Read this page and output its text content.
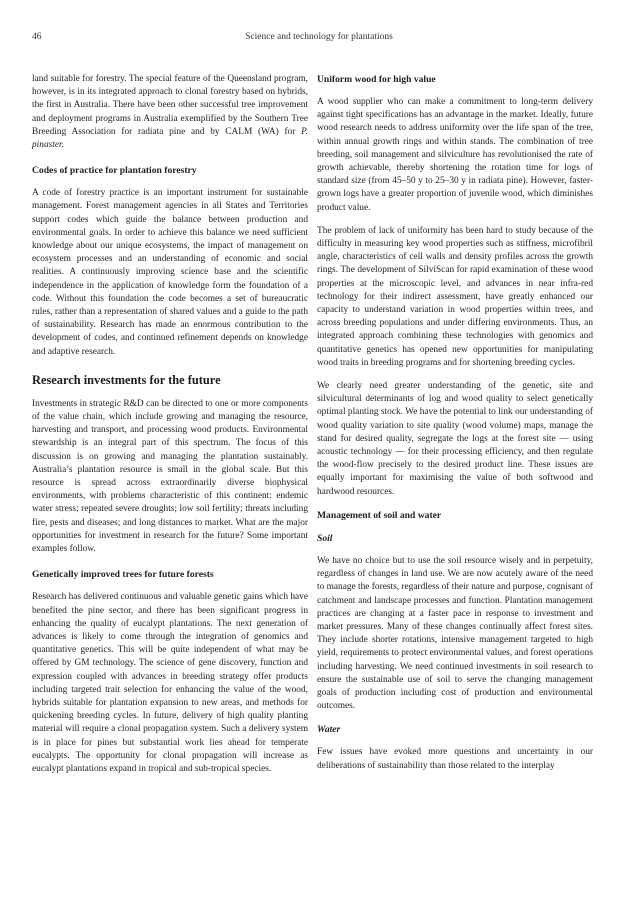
46	Science and technology for plantations

land suitable for forestry. The special feature of the Queensland program, however, is in its integrated approach to clonal forestry based on hybrids, the first in Australia. There have been other successful tree improvement and deployment programs in Australia exemplified by the Southern Tree Breeding Association for radiata pine and by CALM (WA) for P. pinaster.

Codes of practice for plantation forestry

A code of forestry practice is an important instrument for sustainable management. Forest management agencies in all States and Territories support codes which guide the balance between production and environmental goals. In order to achieve this balance we need sufficient knowledge about our unique ecosystems, the impact of management on ecosystem processes and an understanding of economic and social realities. A continuously improving science base and the scientific independence in the application of knowledge form the foundation of a code. Without this foundation the code becomes a set of bureaucratic rules, rather than a representation of shared values and a guide to the path of sustainability. Research has made an enormous contribution to the development of codes, and continued refinement depends on knowledge and adaptive research.

Research investments for the future

Investments in strategic R&D can be directed to one or more components of the value chain, which include growing and managing the resource, harvesting and transport, and processing wood products. Environmental stewardship is an integral part of this spectrum. The focus of this discussion is on growing and managing the plantation sustainably. Australia’s plantation resource is small in the global scale. But this resource is spread across extraordinarily diverse biophysical environments, with problems characteristic of this continent: endemic water stress; repeated severe droughts; low soil fertility; threats including fire, pests and diseases; and long distances to market. What are the major opportunities for investment in research for the future? Some important examples follow.

Genetically improved trees for future forests

Research has delivered continuous and valuable genetic gains which have benefited the pine sector, and there has been significant progress in enhancing the quality of eucalypt plantations. The next generation of advances is likely to come through the integration of genomics and quantitative genetics. This will be quite independent of what may be offered by GM technology. The science of gene discovery, function and expression coupled with advances in breeding strategy offer products including targeted trait selection for enhancing the value of the wood, hybrids suitable for plantation expansion to new areas, and methods for quickening breeding cycles. In future, delivery of high quality planting material will require a clonal propagation system. Such a delivery system is in place for pines but substantial work lies ahead for temperate eucalypts. The opportunity for clonal propagation will increase as eucalypt plantations expand in tropical and sub-tropical species.

Uniform wood for high value

A wood supplier who can make a commitment to long-term delivery against tight specifications has an advantage in the market. Ideally, future wood research needs to address uniformity over the life span of the tree, within annual growth rings and within stands. The combination of tree breeding, soil management and silviculture has revolutionised the rate of growth achievable, thereby shortening the rotation time for logs of standard size (from 45–50 y to 25–30 y in radiata pine). However, faster-grown logs have a greater proportion of juvenile wood, which diminishes product value.

The problem of lack of uniformity has been hard to study because of the difficulty in measuring key wood properties such as stiffness, microfibril angle, characteristics of cell walls and density profiles across the growth rings. The development of SilviScan for rapid examination of these wood properties at the microscopic level, and advances in near infra-red technology for their indirect assessment, have greatly enhanced our capacity to understand variation in wood properties within trees, and across breeding populations and under differing environments. Thus, an integrated approach combining these technologies with genomics and quantitative genetics has opened new opportunities for manipulating wood traits in breeding programs and for shortening breeding cycles.

We clearly need greater understanding of the genetic, site and silvicultural determinants of log and wood quality to select genetically optimal planting stock. We have the potential to link our understanding of wood quality variation to site quality (wood volume) maps, manage the stand for desired quality, segregate the logs at the forest site — using acoustic technology — for their processing efficiency, and then regulate the wood-flow precisely to the desired product line. These issues are equally important for maximising the value of both softwood and hardwood resources.

Management of soil and water
Soil

We have no choice but to use the soil resource wisely and in perpetuity, regardless of changes in land use. We are now acutely aware of the need to manage the forests, regardless of their nature and purpose, cognisant of catchment and landscape processes and function. Plantation management practices are changing at a faster pace in response to investment and market pressures. Many of these changes continually affect forest sites. They include shorter rotations, intensive management targeted to high yield, requirements to protect environmental values, and forest operations including harvesting. We need continued investments in soil research to ensure the sustainable use of soil to serve the changing management goals of production including cost of production and environmental outcomes.

Water

Few issues have evoked more questions and uncertainty in our deliberations of sustainability than those related to the interplay
